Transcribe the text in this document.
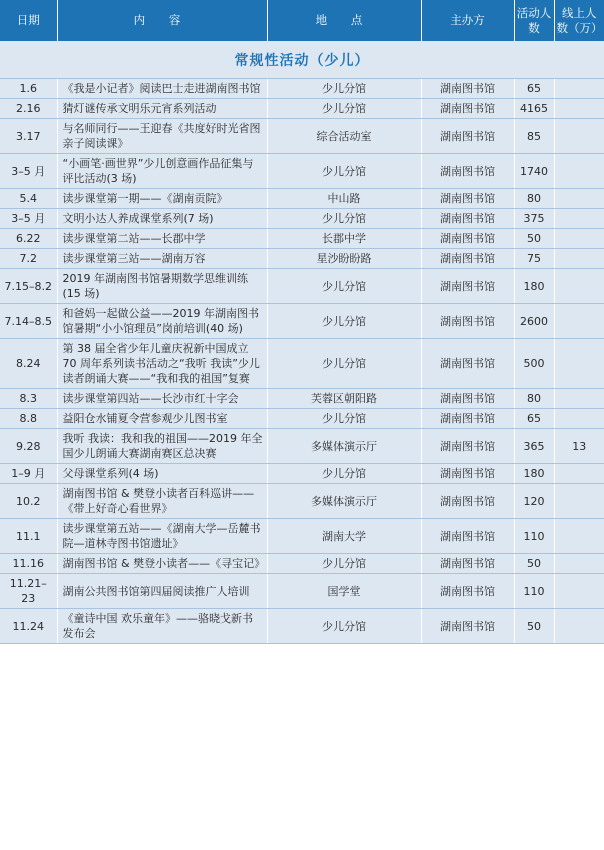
日期	内 容	地 点	主办方	活动人数	线上人数（万）
常规性活动（少儿）					
1.6	《我是小记者》阅读巴士走进湖南图书馆	少儿分馆	湖南图书馆	65	
2.16	猜灯谜传承文明乐元宵系列活动	少儿分馆	湖南图书馆	4165	
3.17	与名师同行——王迎春《共度好时光省图亲子阅读课》	综合活动室	湖南图书馆	85	
3–5 月	“小画笔·画世界”少儿创意画作品征集与评比活动(3 场)	少儿分馆	湖南图书馆	1740	
5.4	读步课堂第一期——《湖南贡院》	中山路	湖南图书馆	80	
3–5 月	文明小达人养成课堂系列(7 场)	少儿分馆	湖南图书馆	375	
6.22	读步课堂第二站——长郡中学	长郡中学	湖南图书馆	50	
7.2	读步课堂第三站——湖南万容	星沙盼盼路	湖南图书馆	75	
7.15–8.2	2019 年湖南图书馆暑期数学思维训练(15 场)	少儿分馆	湖南图书馆	180	
7.14–8.5	和爸妈一起做公益——2019 年湖南图书馆暑期“小小馆理员”岗前培训(40 场)	少儿分馆	湖南图书馆	2600	
8.24	第 38 届全省少年儿童庆祝新中国成立 70 周年系列读书活动之“我听 我读”少儿读者朗诵大赛——“我和我的祖国”复赛	少儿分馆	湖南图书馆	500	
8.3	读步课堂第四站——长沙市红十字会	芙蓉区朝阳路	湖南图书馆	80	
8.8	益阳仓水铺夏令营参观少儿图书室	少儿分馆	湖南图书馆	65	
9.28	我听 我读：我和我的祖国——2019 年全国少儿朗诵大赛湖南赛区总决赛	多媒体演示厅	湖南图书馆	365	13
1–9 月	父母课堂系列(4 场)	少儿分馆	湖南图书馆	180	
10.2	湖南图书馆 & 樊登小读者百科巡讲——《带上好奇心看世界》	多媒体演示厅	湖南图书馆	120	
11.1	读步课堂第五站——《湖南大学—岳麓书院—道林寺图书馆遗址》	湖南大学	湖南图书馆	110	
11.16	湖南图书馆 & 樊登小读者——《寻宝记》	少儿分馆	湖南图书馆	50	
11.21–23	湖南公共图书馆第四届阅读推广人培训	国学堂	湖南图书馆	110	
11.24	《童诗中国 欢乐童年》——骆晓戈新书发布会	少儿分馆	湖南图书馆	50	
